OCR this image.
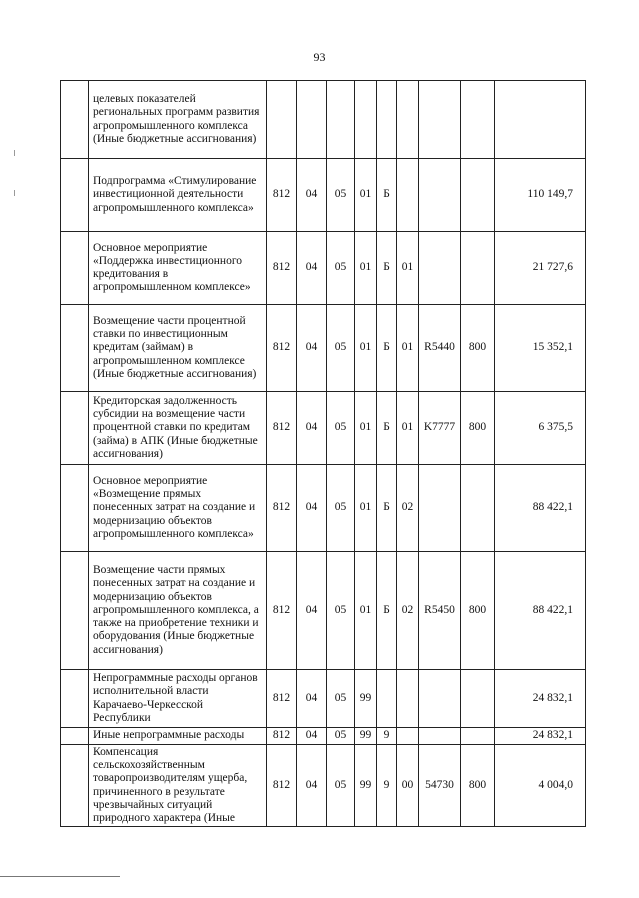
93
	целевых показателей региональных программ развития агропромышленного комплекса (Иные бюджетные ассигнования)									
	Подпрограмма «Стимулирование инвестиционной деятельности агропромышленного комплекса»	812	04	05	01	Б				110 149,7
	Основное мероприятие «Поддержка инвестиционного кредитования в агропромышленном комплексе»	812	04	05	01	Б	01			21 727,6
	Возмещение части процентной ставки по инвестиционным кредитам (займам) в агропромышленном комплексе (Иные бюджетные ассигнования)	812	04	05	01	Б	01	R5440	800	15 352,1
	Кредиторская задолженность субсидии на возмещение части процентной ставки по кредитам (займа) в АПК (Иные бюджетные ассигнования)	812	04	05	01	Б	01	K7777	800	6 375,5
	Основное мероприятие «Возмещение прямых понесенных затрат на создание и модернизацию объектов агропромышленного комплекса»	812	04	05	01	Б	02			88 422,1
	Возмещение части прямых понесенных затрат на создание и модернизацию объектов агропромышленного комплекса, а также на приобретение техники и оборудования (Иные бюджетные ассигнования)	812	04	05	01	Б	02	R5450	800	88 422,1
	Непрограммные расходы органов исполнительной власти Карачаево-Черкесской Республики	812	04	05	99					24 832,1
	Иные непрограммные расходы	812	04	05	99	9				24 832,1
	Компенсация сельскохозяйственным товаропроизводителям ущерба, причиненного в результате чрезвычайных ситуаций природного характера (Иные	812	04	05	99	9	00	54730	800	4 004,0
